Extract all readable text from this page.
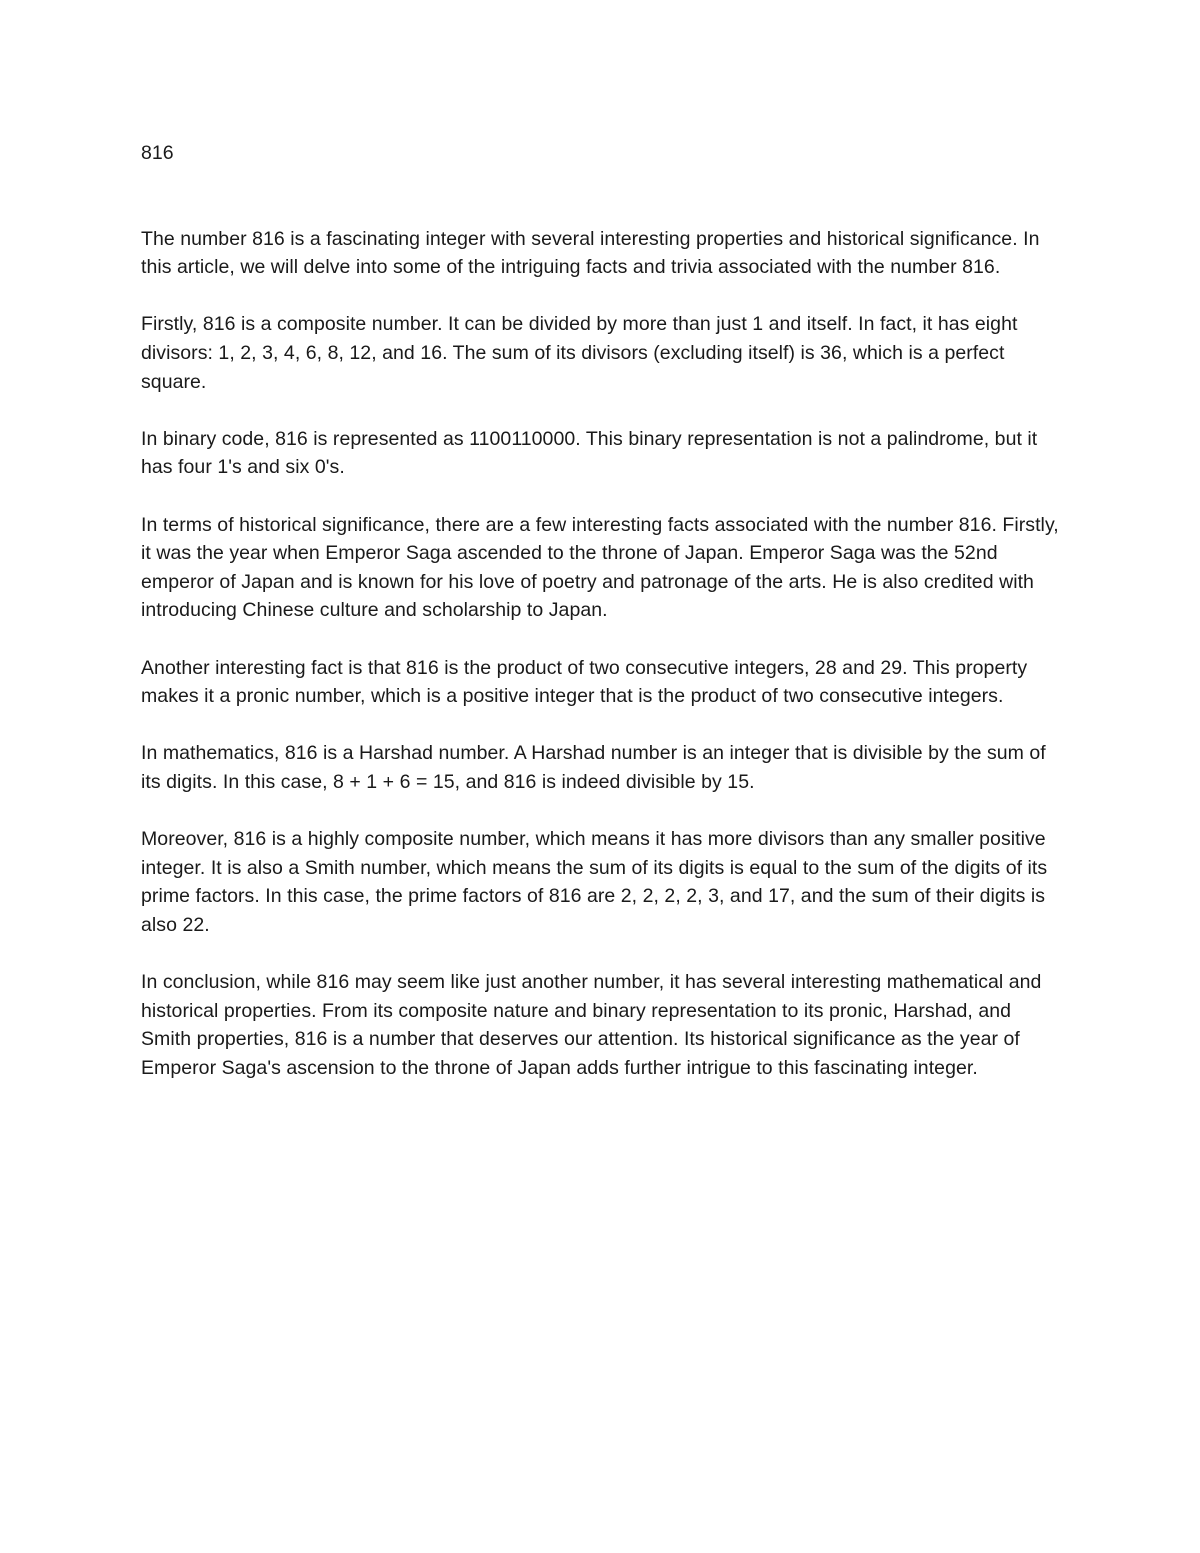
816

The number 816 is a fascinating integer with several interesting properties and historical significance. In this article, we will delve into some of the intriguing facts and trivia associated with the number 816.

Firstly, 816 is a composite number. It can be divided by more than just 1 and itself. In fact, it has eight divisors: 1, 2, 3, 4, 6, 8, 12, and 16. The sum of its divisors (excluding itself) is 36, which is a perfect square.

In binary code, 816 is represented as 1100110000. This binary representation is not a palindrome, but it has four 1's and six 0's.

In terms of historical significance, there are a few interesting facts associated with the number 816. Firstly, it was the year when Emperor Saga ascended to the throne of Japan. Emperor Saga was the 52nd emperor of Japan and is known for his love of poetry and patronage of the arts. He is also credited with introducing Chinese culture and scholarship to Japan.

Another interesting fact is that 816 is the product of two consecutive integers, 28 and 29. This property makes it a pronic number, which is a positive integer that is the product of two consecutive integers.

In mathematics, 816 is a Harshad number. A Harshad number is an integer that is divisible by the sum of its digits. In this case, 8 + 1 + 6 = 15, and 816 is indeed divisible by 15.

Moreover, 816 is a highly composite number, which means it has more divisors than any smaller positive integer. It is also a Smith number, which means the sum of its digits is equal to the sum of the digits of its prime factors. In this case, the prime factors of 816 are 2, 2, 2, 2, 3, and 17, and the sum of their digits is also 22.

In conclusion, while 816 may seem like just another number, it has several interesting mathematical and historical properties. From its composite nature and binary representation to its pronic, Harshad, and Smith properties, 816 is a number that deserves our attention. Its historical significance as the year of Emperor Saga's ascension to the throne of Japan adds further intrigue to this fascinating integer.
